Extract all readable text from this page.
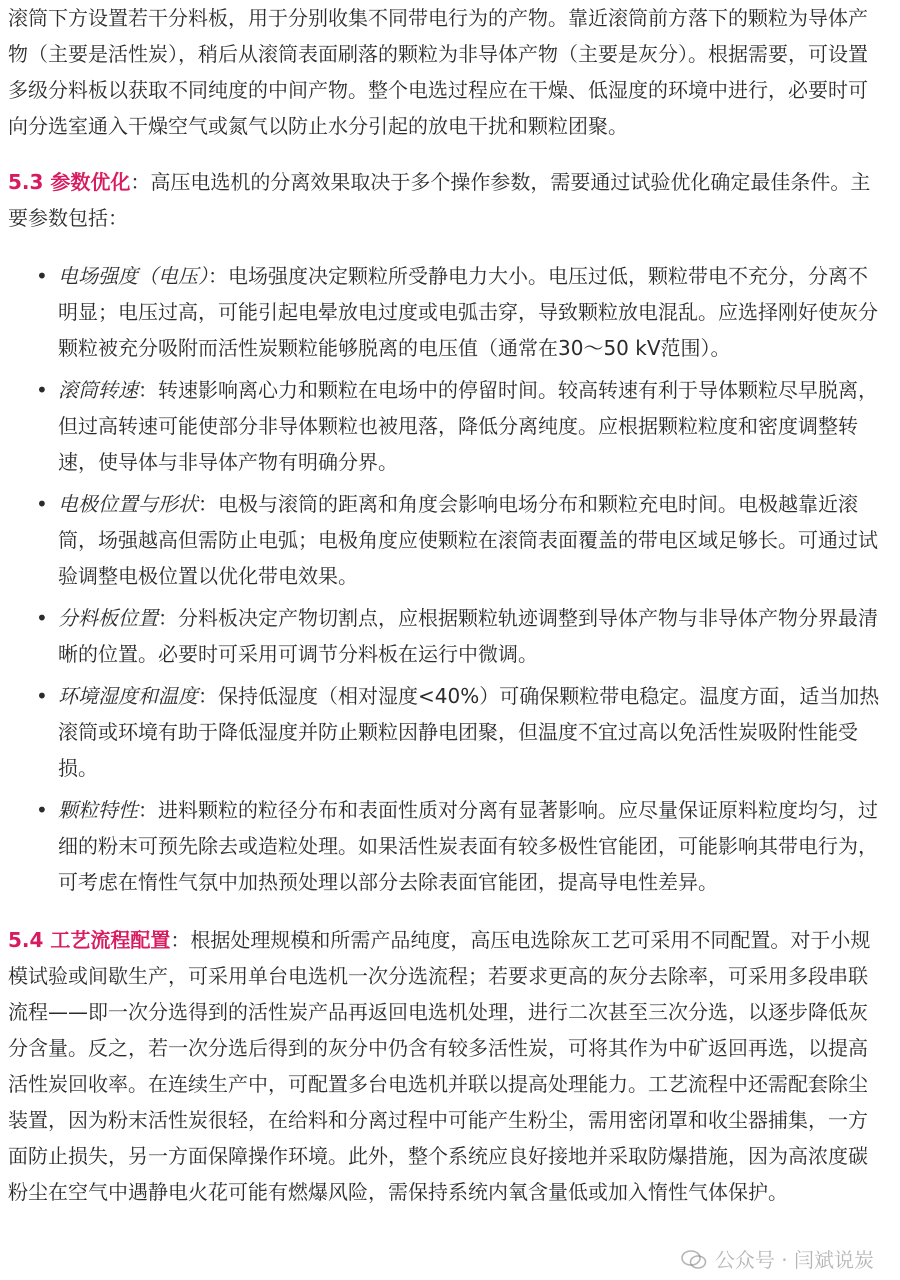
滚筒下方设置若干分料板，用于分别收集不同带电行为的产物。靠近滚筒前方落下的颗粒为导体产物（主要是活性炭），稍后从滚筒表面刷落的颗粒为非导体产物（主要是灰分）。根据需要，可设置多级分料板以获取不同纯度的中间产物。整个电选过程应在干燥、低湿度的环境中进行，必要时可向分选室通入干燥空气或氮气以防止水分引起的放电干扰和颗粒团聚。

5.3 参数优化：高压电选机的分离效果取决于多个操作参数，需要通过试验优化确定最佳条件。主要参数包括：

• 电场强度（电压）：电场强度决定颗粒所受静电力大小。电压过低，颗粒带电不充分，分离不明显；电压过高，可能引起电晕放电过度或电弧击穿，导致颗粒放电混乱。应选择刚好使灰分颗粒被充分吸附而活性炭颗粒能够脱离的电压值（通常在30～50 kV范围）。
• 滚筒转速：转速影响离心力和颗粒在电场中的停留时间。较高转速有利于导体颗粒尽早脱离，但过高转速可能使部分非导体颗粒也被甩落，降低分离纯度。应根据颗粒粒度和密度调整转速，使导体与非导体产物有明确分界。
• 电极位置与形状：电极与滚筒的距离和角度会影响电场分布和颗粒充电时间。电极越靠近滚筒，场强越高但需防止电弧；电极角度应使颗粒在滚筒表面覆盖的带电区域足够长。可通过试验调整电极位置以优化带电效果。
• 分料板位置：分料板决定产物切割点，应根据颗粒轨迹调整到导体产物与非导体产物分界最清晰的位置。必要时可采用可调节分料板在运行中微调。
• 环境湿度和温度：保持低湿度（相对湿度<40%）可确保颗粒带电稳定。温度方面，适当加热滚筒或环境有助于降低湿度并防止颗粒因静电团聚，但温度不宜过高以免活性炭吸附性能受损。
• 颗粒特性：进料颗粒的粒径分布和表面性质对分离有显著影响。应尽量保证原料粒度均匀，过细的粉末可预先除去或造粒处理。如果活性炭表面有较多极性官能团，可能影响其带电行为，可考虑在惰性气氛中加热预处理以部分去除表面官能团，提高导电性差异。

5.4 工艺流程配置：根据处理规模和所需产品纯度，高压电选除灰工艺可采用不同配置。对于小规模试验或间歇生产，可采用单台电选机一次分选流程；若要求更高的灰分去除率，可采用多段串联流程——即一次分选得到的活性炭产品再返回电选机处理，进行二次甚至三次分选，以逐步降低灰分含量。反之，若一次分选后得到的灰分中仍含有较多活性炭，可将其作为中矿返回再选，以提高活性炭回收率。在连续生产中，可配置多台电选机并联以提高处理能力。工艺流程中还需配套除尘装置，因为粉末活性炭很轻，在给料和分离过程中可能产生粉尘，需用密闭罩和收尘器捕集，一方面防止损失，另一方面保障操作环境。此外，整个系统应良好接地并采取防爆措施，因为高浓度碳粉尘在空气中遇静电火花可能有燃爆风险，需保持系统内氧含量低或加入惰性气体保护。

公众号 · 闫斌说炭
